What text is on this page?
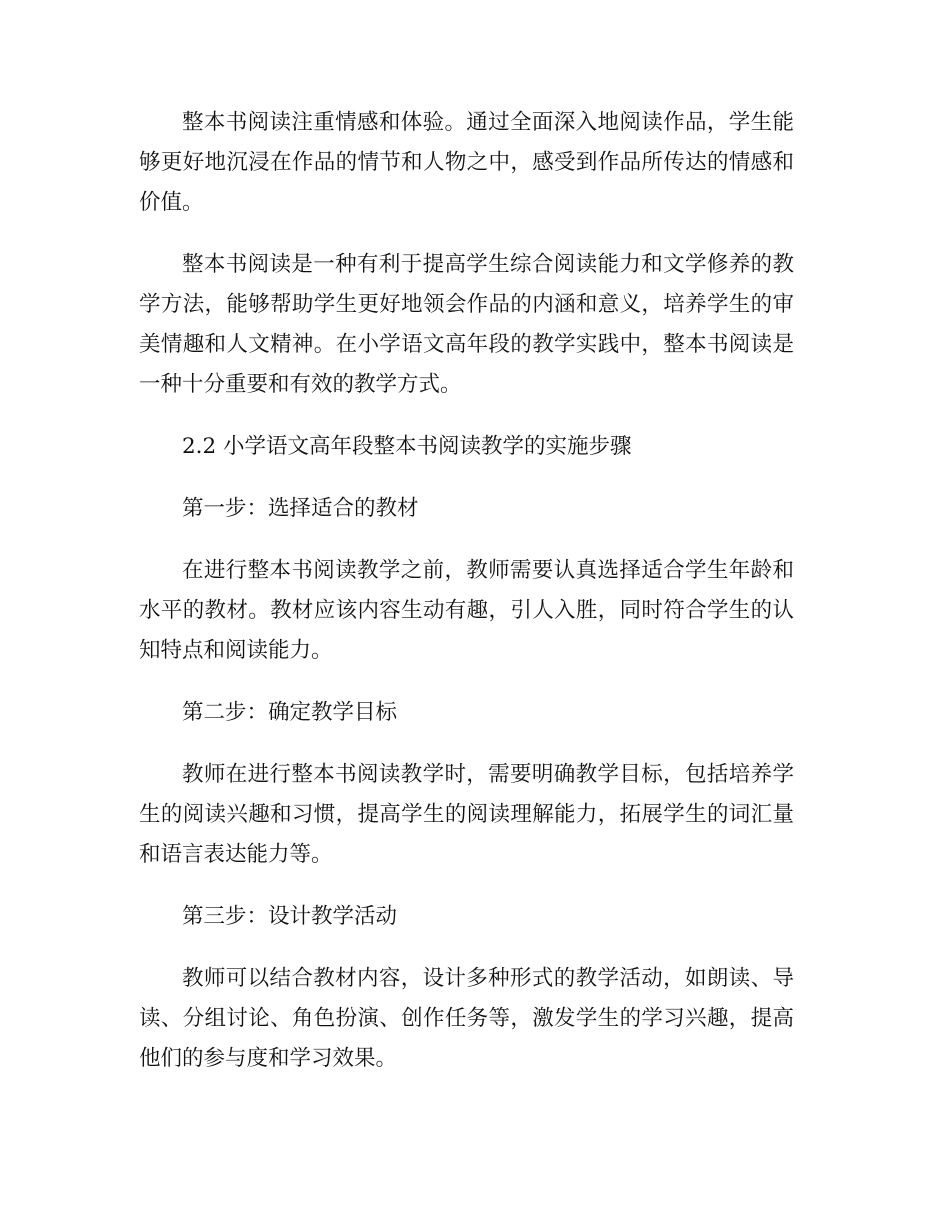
整本书阅读注重情感和体验。通过全面深入地阅读作品，学生能够更好地沉浸在作品的情节和人物之中，感受到作品所传达的情感和价值。

整本书阅读是一种有利于提高学生综合阅读能力和文学修养的教学方法，能够帮助学生更好地领会作品的内涵和意义，培养学生的审美情趣和人文精神。在小学语文高年段的教学实践中，整本书阅读是一种十分重要和有效的教学方式。

2.2 小学语文高年段整本书阅读教学的实施步骤

第一步：选择适合的教材

在进行整本书阅读教学之前，教师需要认真选择适合学生年龄和水平的教材。教材应该内容生动有趣，引人入胜，同时符合学生的认知特点和阅读能力。

第二步：确定教学目标

教师在进行整本书阅读教学时，需要明确教学目标，包括培养学生的阅读兴趣和习惯，提高学生的阅读理解能力，拓展学生的词汇量和语言表达能力等。

第三步：设计教学活动

教师可以结合教材内容，设计多种形式的教学活动，如朗读、导读、分组讨论、角色扮演、创作任务等，激发学生的学习兴趣，提高他们的参与度和学习效果。
